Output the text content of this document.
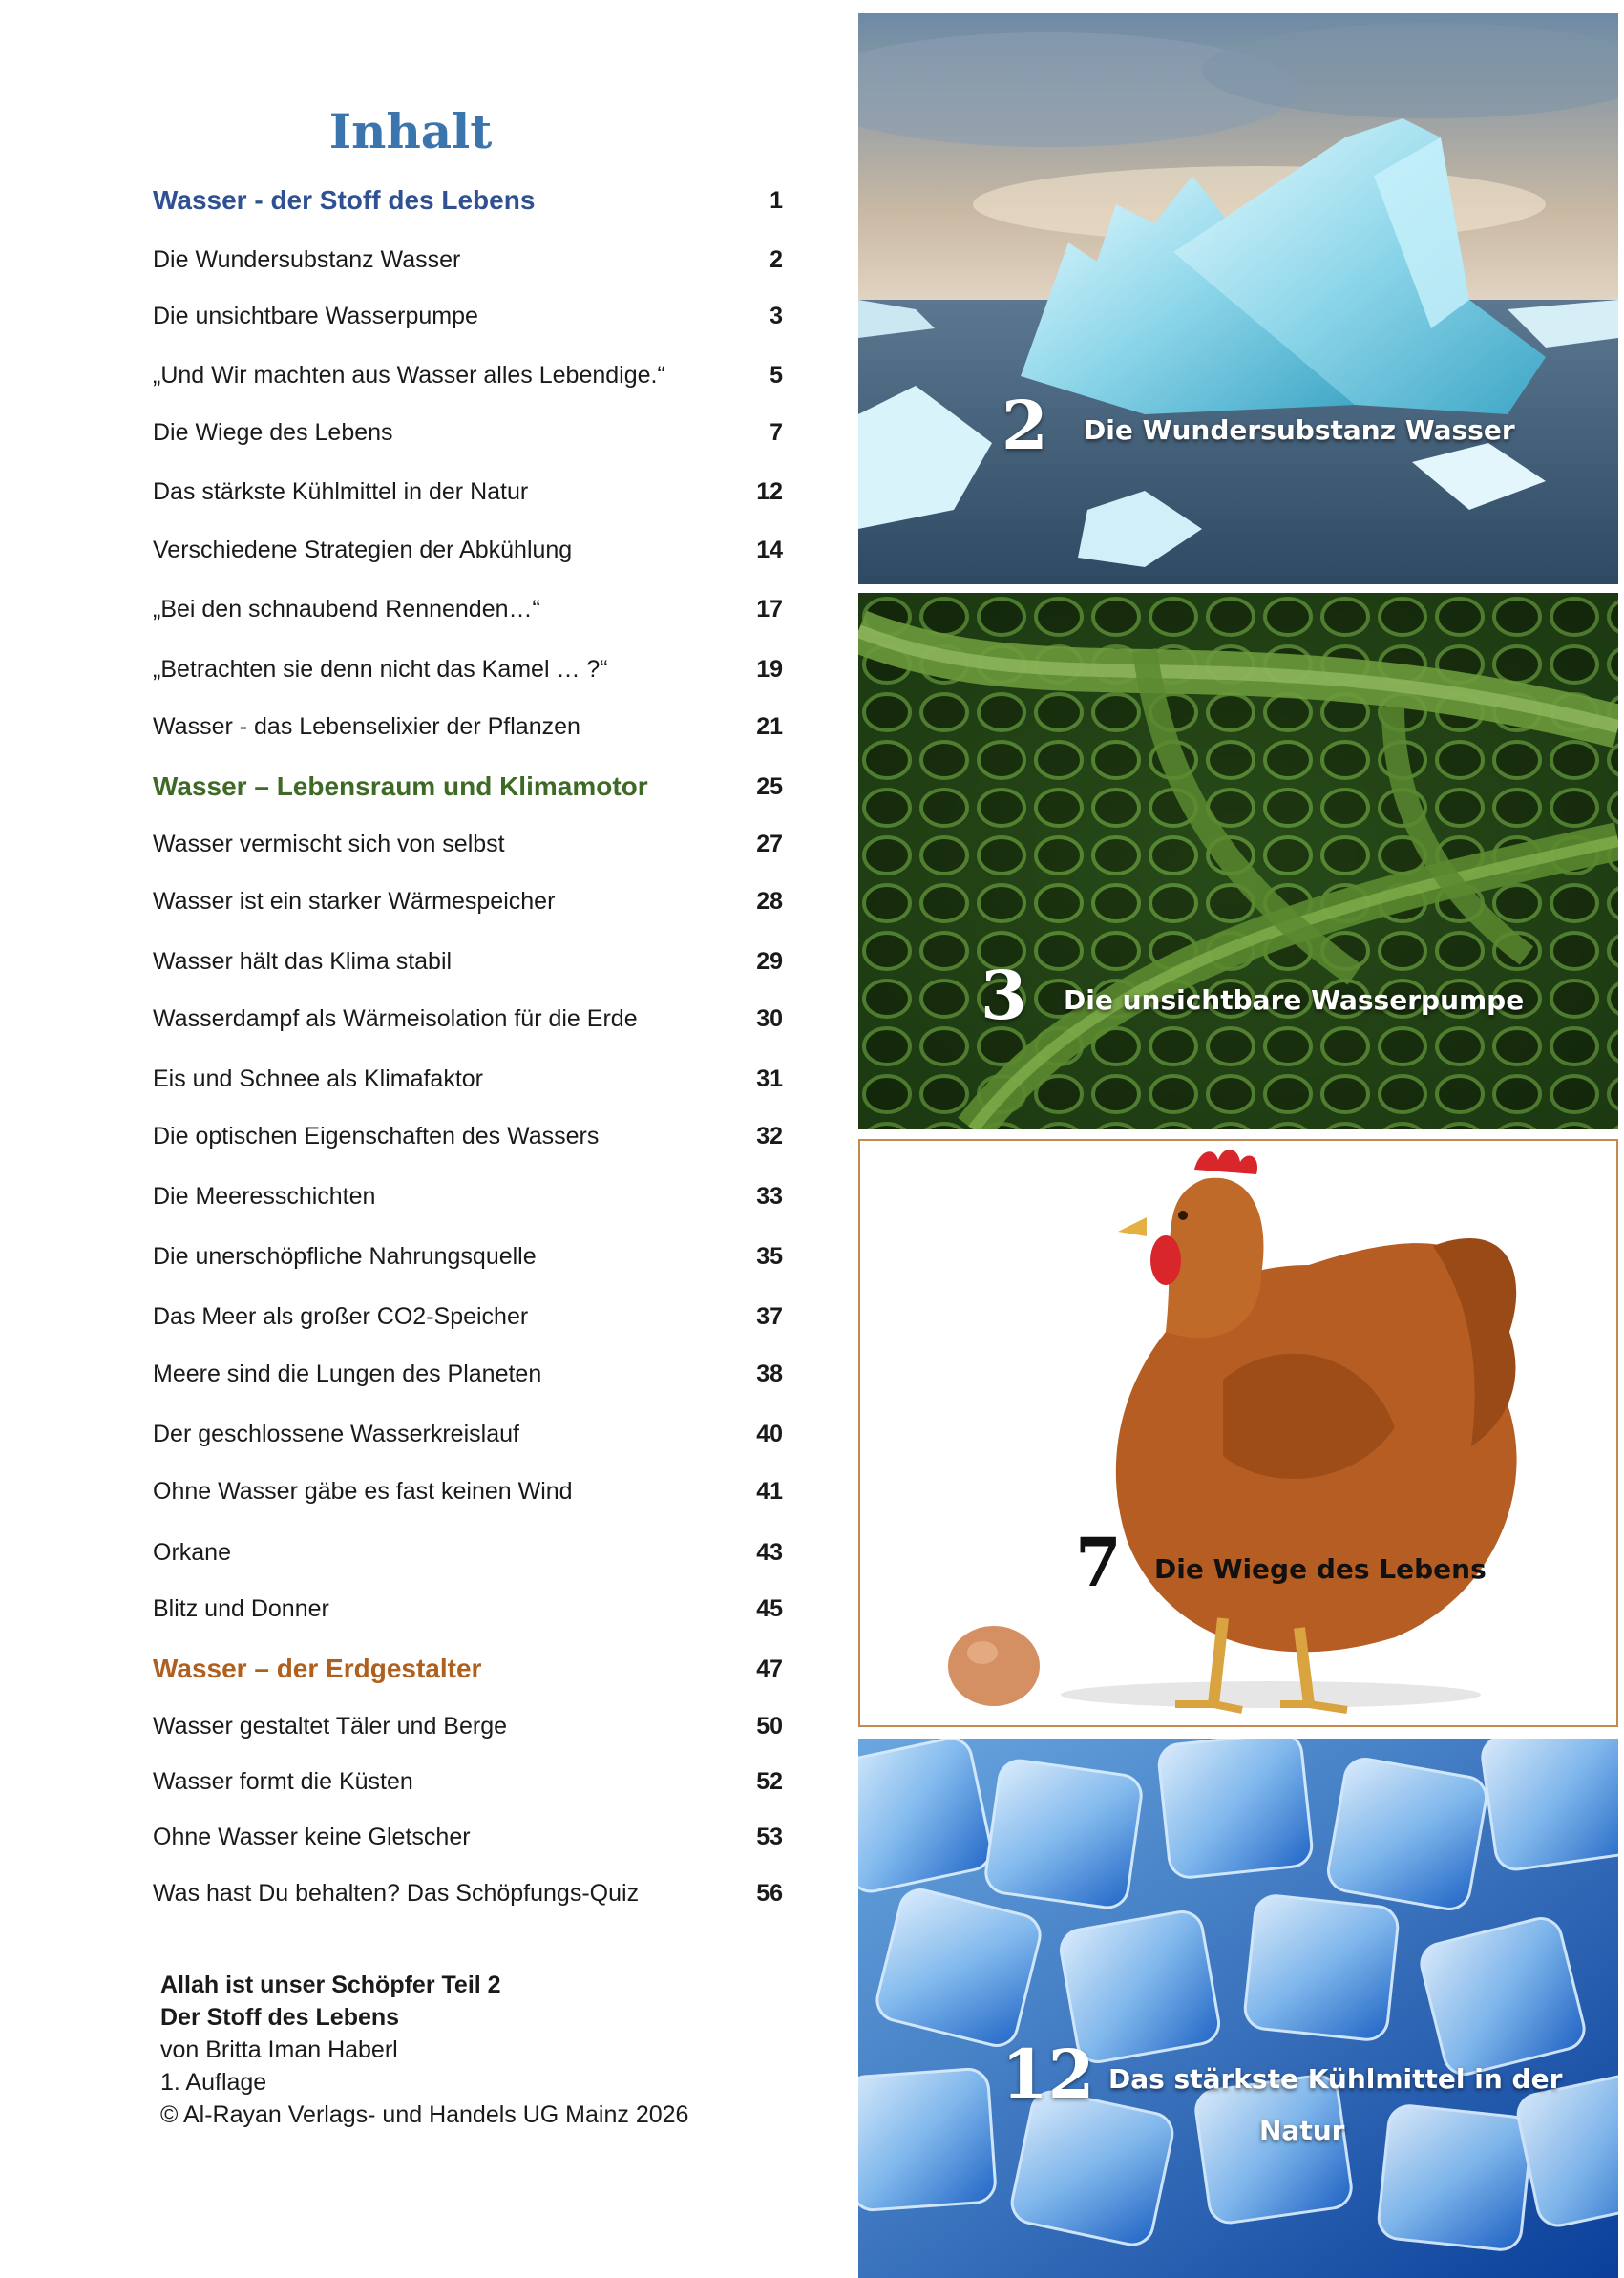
Inhalt
Wasser - der Stoff des Lebens	1
Die Wundersubstanz Wasser	2
Die unsichtbare Wasserpumpe	3
„Und Wir machten aus Wasser alles Lebendige.“	5
Die Wiege des Lebens	7
Das stärkste Kühlmittel in der Natur	12
Verschiedene Strategien der Abkühlung	14
„Bei den schnaubend Rennenden…“	17
„Betrachten sie denn nicht das Kamel … ?“	19
Wasser - das Lebenselixier der Pflanzen	21
Wasser – Lebensraum und Klimamotor	25
Wasser vermischt sich von selbst	27
Wasser ist ein starker Wärmespeicher	28
Wasser hält das Klima stabil	29
Wasserdampf als Wärmeisolation für die Erde	30
Eis und Schnee als Klimafaktor	31
Die optischen Eigenschaften des Wassers	32
Die Meeresschichten	33
Die unerschöpfliche Nahrungsquelle	35
Das Meer als großer CO2-Speicher	37
Meere sind die Lungen des Planeten	38
Der geschlossene Wasserkreislauf	40
Ohne Wasser gäbe es fast keinen Wind	41
Orkane	43
Blitz und Donner	45
Wasser – der Erdgestalter	47
Wasser gestaltet Täler und Berge	50
Wasser formt die Küsten	52
Ohne Wasser keine Gletscher	53
Was hast Du behalten? Das Schöpfungs-Quiz	56
Allah ist unser Schöpfer Teil 2
Der Stoff des Lebens
von Britta Iman Haberl
1. Auflage
© Al-Rayan Verlags- und Handels UG Mainz 2026
2 Die Wundersubstanz Wasser
3 Die unsichtbare Wasserpumpe
7 Die Wiege des Lebens
12 Das stärkste Kühlmittel in der
Natur
